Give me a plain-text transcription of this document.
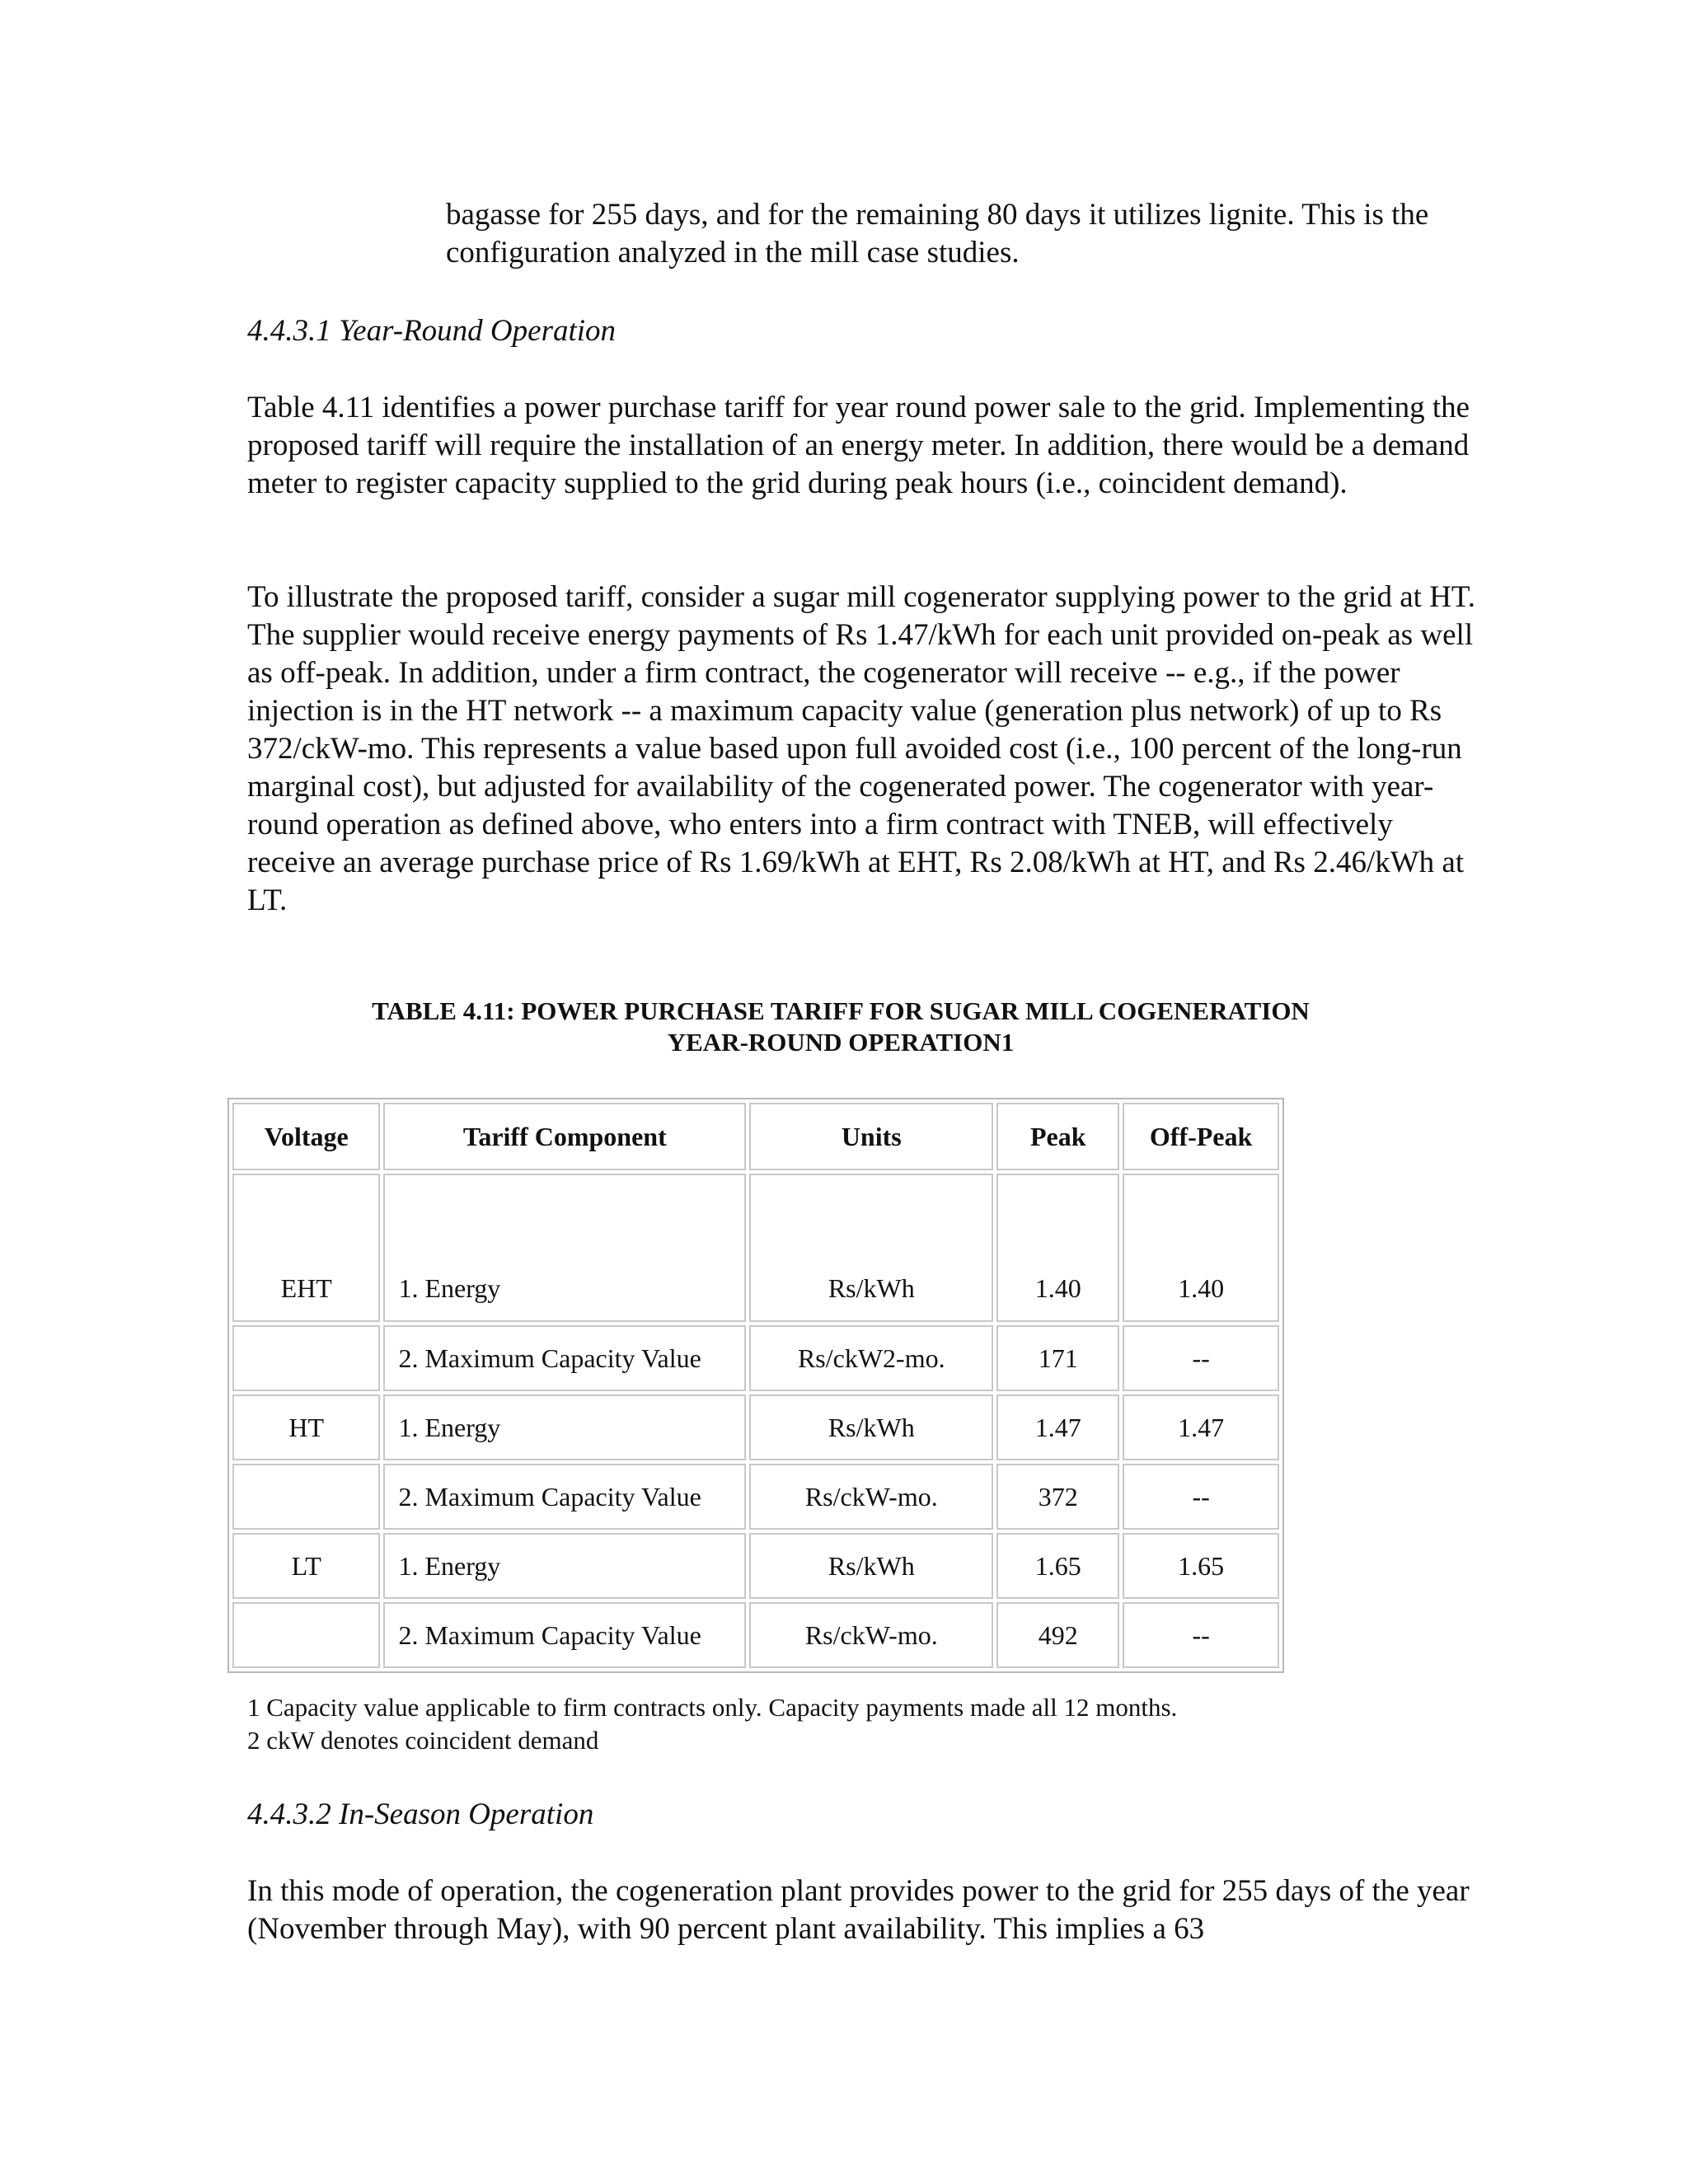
bagasse for 255 days, and for the remaining 80 days it utilizes lignite. This is the configuration analyzed in the mill case studies.

4.4.3.1 Year-Round Operation

Table 4.11 identifies a power purchase tariff for year round power sale to the grid. Implementing the proposed tariff will require the installation of an energy meter. In addition, there would be a demand meter to register capacity supplied to the grid during peak hours (i.e., coincident demand).

To illustrate the proposed tariff, consider a sugar mill cogenerator supplying power to the grid at HT. The supplier would receive energy payments of Rs 1.47/kWh for each unit provided on-peak as well as off-peak. In addition, under a firm contract, the cogenerator will receive -- e.g., if the power injection is in the HT network -- a maximum capacity value (generation plus network) of up to Rs 372/ckW-mo. This represents a value based upon full avoided cost (i.e., 100 percent of the long-run marginal cost), but adjusted for availability of the cogenerated power. The cogenerator with year-round operation as defined above, who enters into a firm contract with TNEB, will effectively receive an average purchase price of Rs 1.69/kWh at EHT, Rs 2.08/kWh at HT, and Rs 2.46/kWh at LT.

TABLE 4.11: POWER PURCHASE TARIFF FOR SUGAR MILL COGENERATION
YEAR-ROUND OPERATION1
Voltage	Tariff Component	Units	Peak	Off-Peak
EHT	1. Energy	Rs/kWh	1.40	1.40
	2. Maximum Capacity Value	Rs/ckW2-mo.	171	--
HT	1. Energy	Rs/kWh	1.47	1.47
	2. Maximum Capacity Value	Rs/ckW-mo.	372	--
LT	1. Energy	Rs/kWh	1.65	1.65
	2. Maximum Capacity Value	Rs/ckW-mo.	492	--
1 Capacity value applicable to firm contracts only. Capacity payments made all 12 months.
2 ckW denotes coincident demand

4.4.3.2 In-Season Operation

In this mode of operation, the cogeneration plant provides power to the grid for 255 days of the year (November through May), with 90 percent plant availability. This implies a 63
